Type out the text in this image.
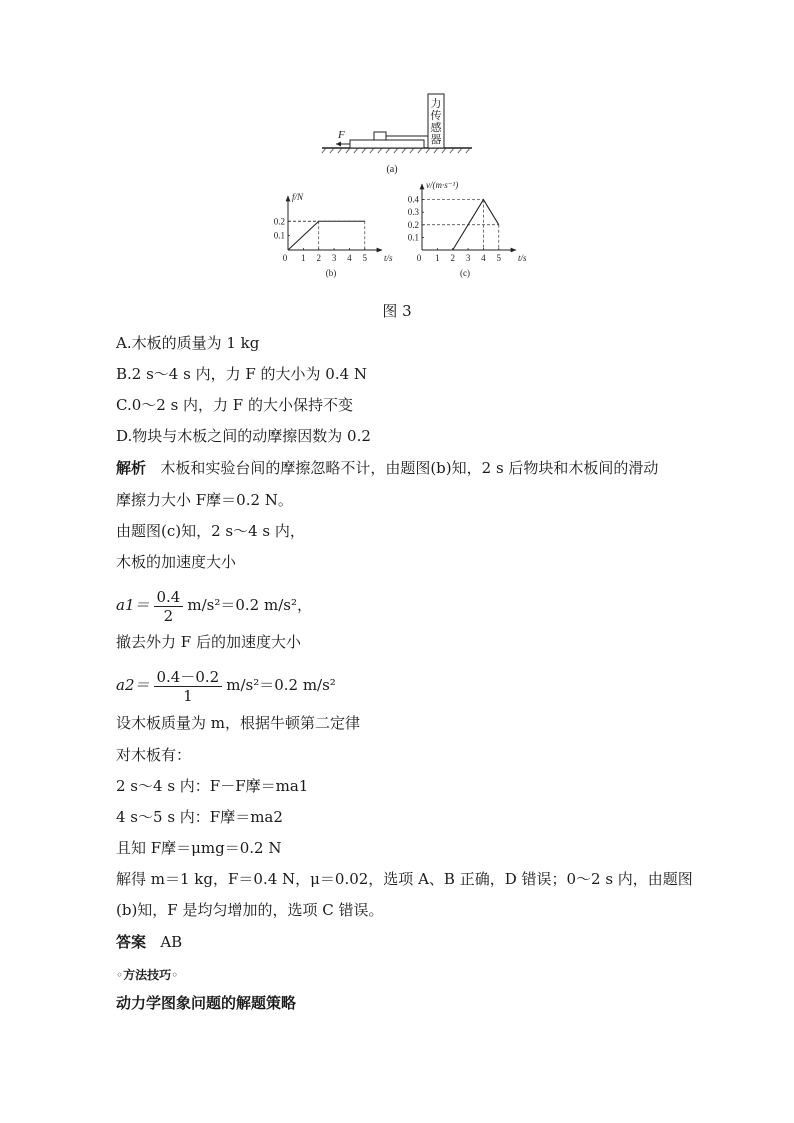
力
传
感
器
F
(a)
0 1 2 3 4 5
0.1
0.2
t/s
f/N
(b)
0 1 2 3 4 5
0.1
0.2
0.3
0.4
t/s
v/(m·s⁻¹)
(c)
图 3
A.木板的质量为 1 kg
B.2 s～4 s 内，力 F 的大小为 0.4 N
C.0～2 s 内，力 F 的大小保持不变
D.物块与木板之间的动摩擦因数为 0.2
解析 木板和实验台间的摩擦忽略不计，由题图(b)知，2 s 后物块和木板间的滑动
摩擦力大小 F摩＝0.2 N。
由题图(c)知，2 s～4 s 内，
木板的加速度大小
$a1= \frac{0.4}{2} m/s^2=0.2$ m/s²，
撤去外力 F 后的加速度大小
$a2= \frac{0.4-0.2}{1} m/s^2=0.2$ m/s²
设木板质量为 m，根据牛顿第二定律
对木板有：
2 s～4 s 内：F－F摩＝ma1
4 s～5 s 内：F摩＝ma2
且知 F摩＝μmg＝0.2 N
解得 m＝1 kg，F＝0.4 N，μ＝0.02，选项 A、B 正确，D 错误；0～2 s 内，由题图
(b)知，F 是均匀增加的，选项 C 错误。
答案 AB
◦方法技巧◦
动力学图象问题的解题策略
